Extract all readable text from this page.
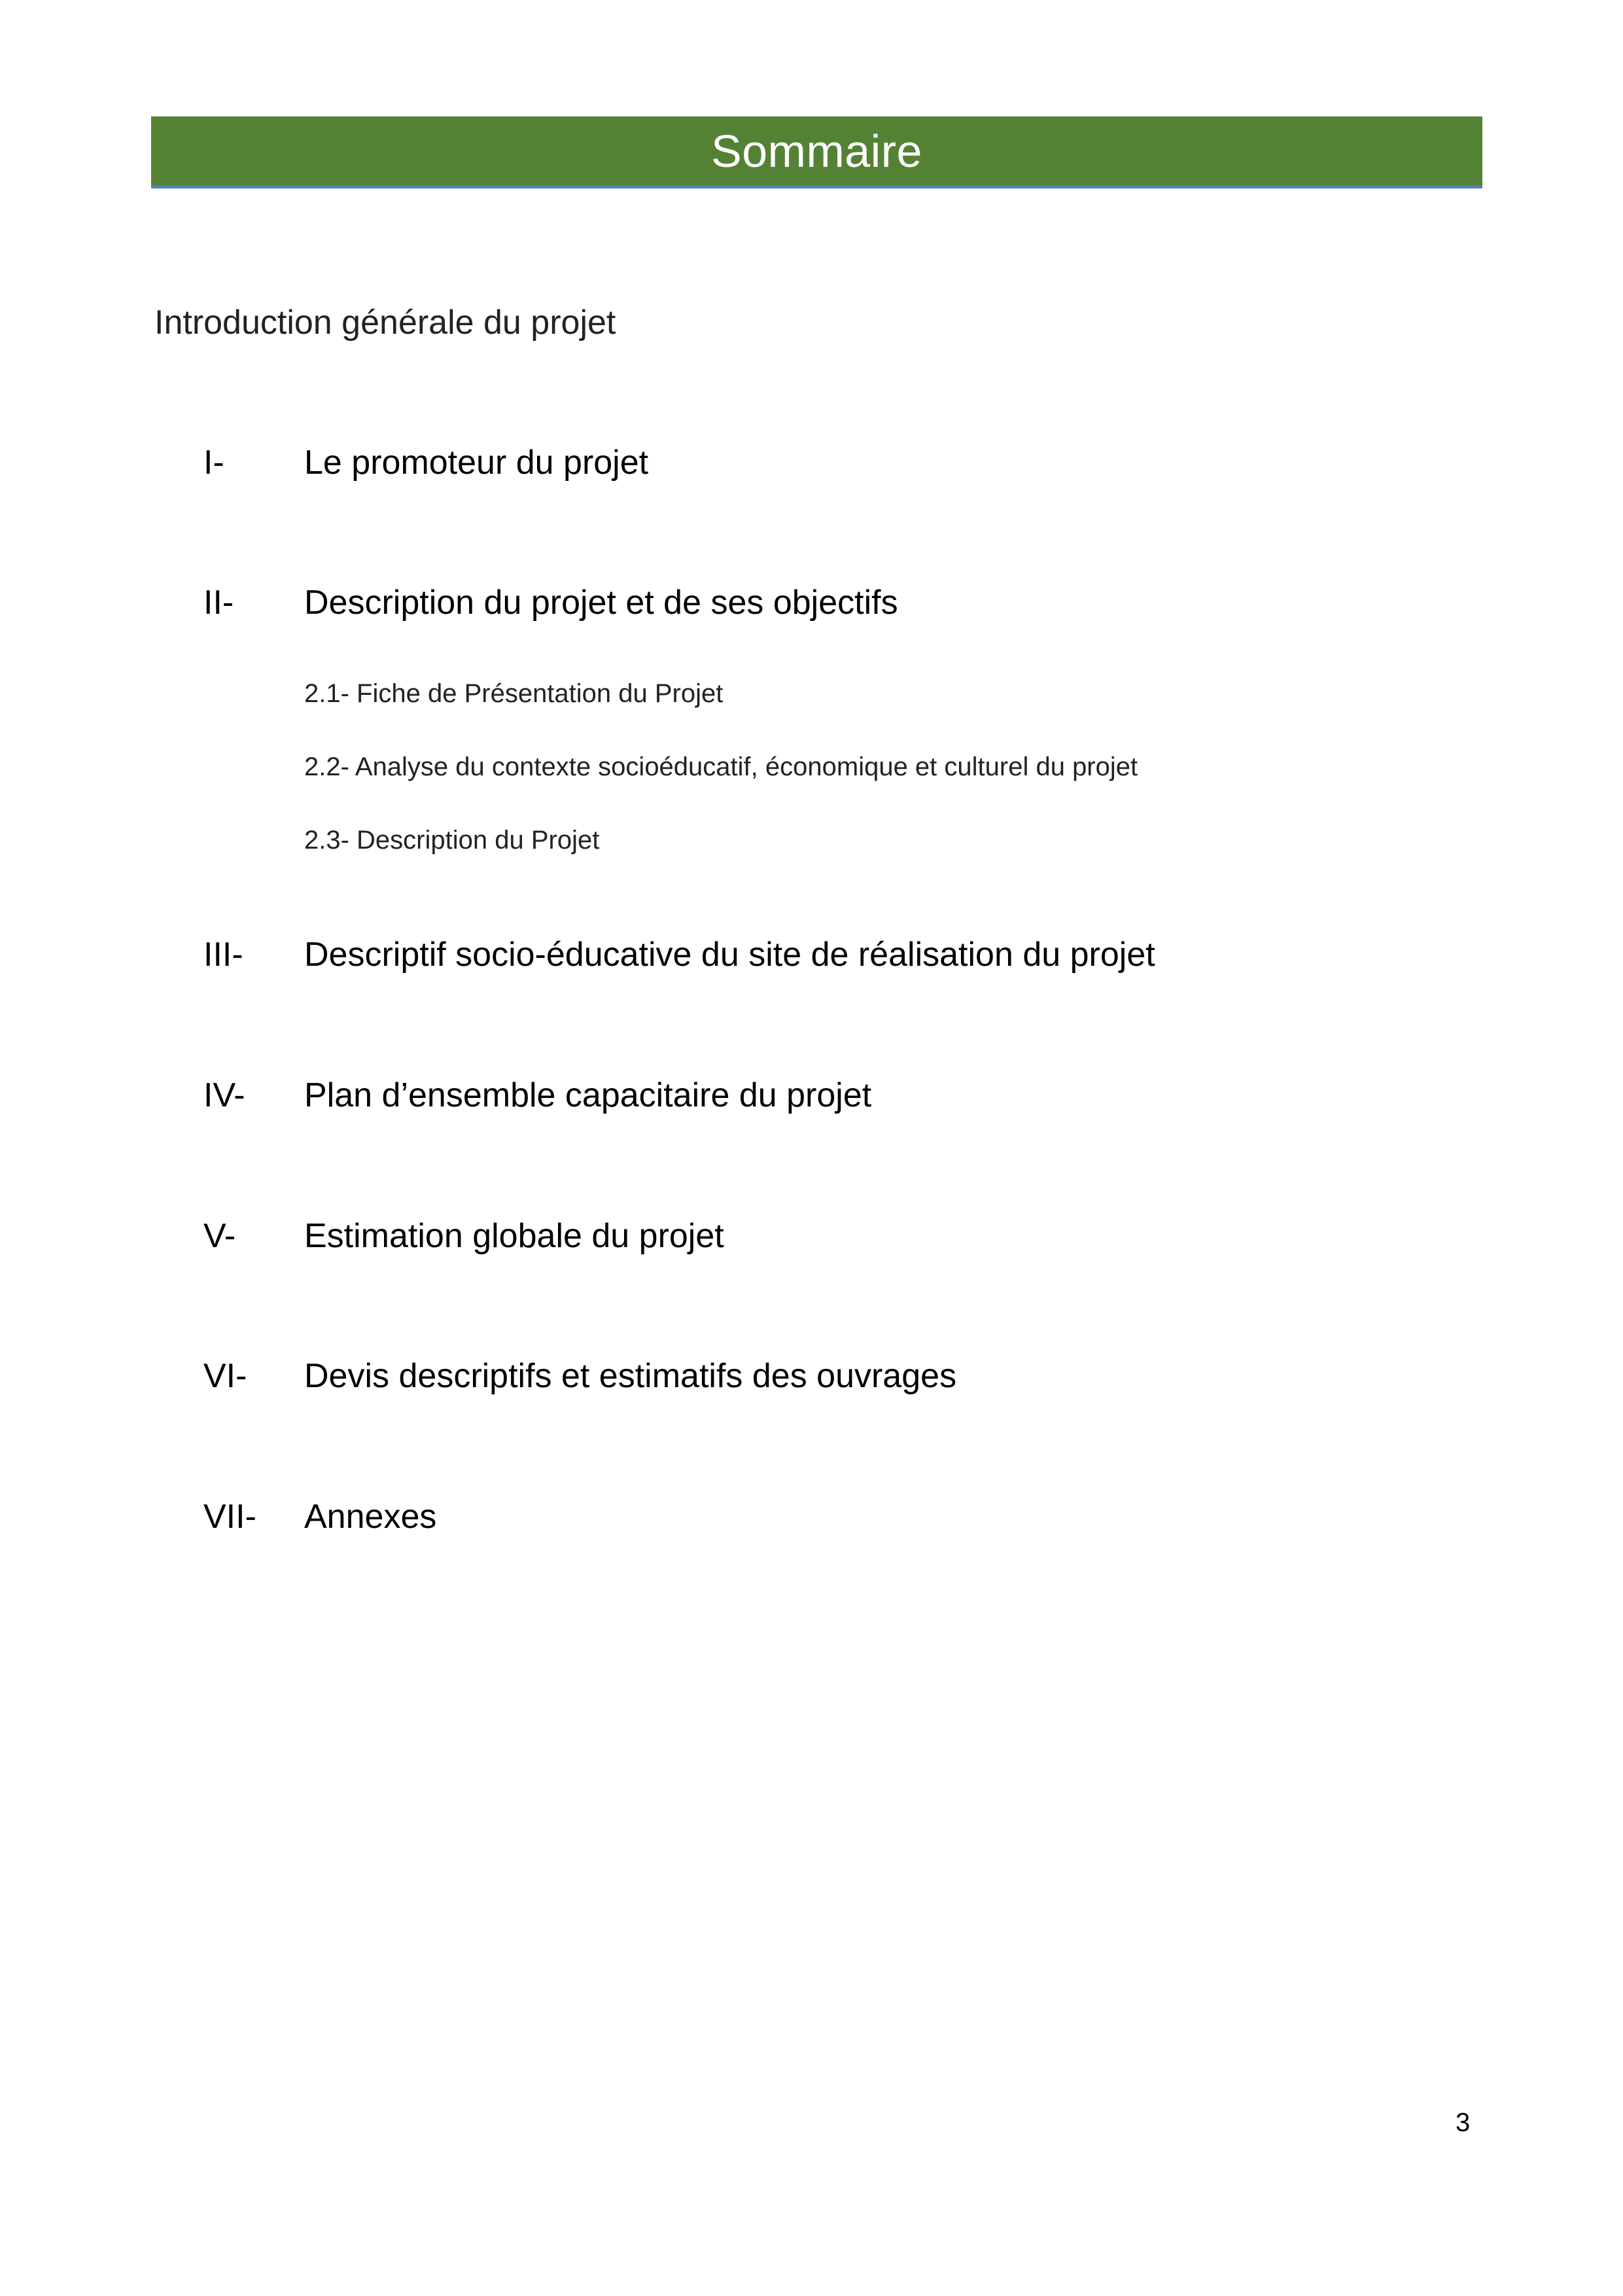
Sommaire
Introduction générale du projet
I-	Le promoteur du projet
II-	Description du projet et de ses objectifs
2.1- Fiche de Présentation du Projet
2.2- Analyse du contexte socioéducatif, économique et culturel du projet
2.3- Description du Projet
III-	Descriptif socio-éducative du site de réalisation du projet
IV-	Plan d’ensemble capacitaire du projet
V-	Estimation globale du projet
VI-	Devis descriptifs et estimatifs des ouvrages
VII-	Annexes
3
